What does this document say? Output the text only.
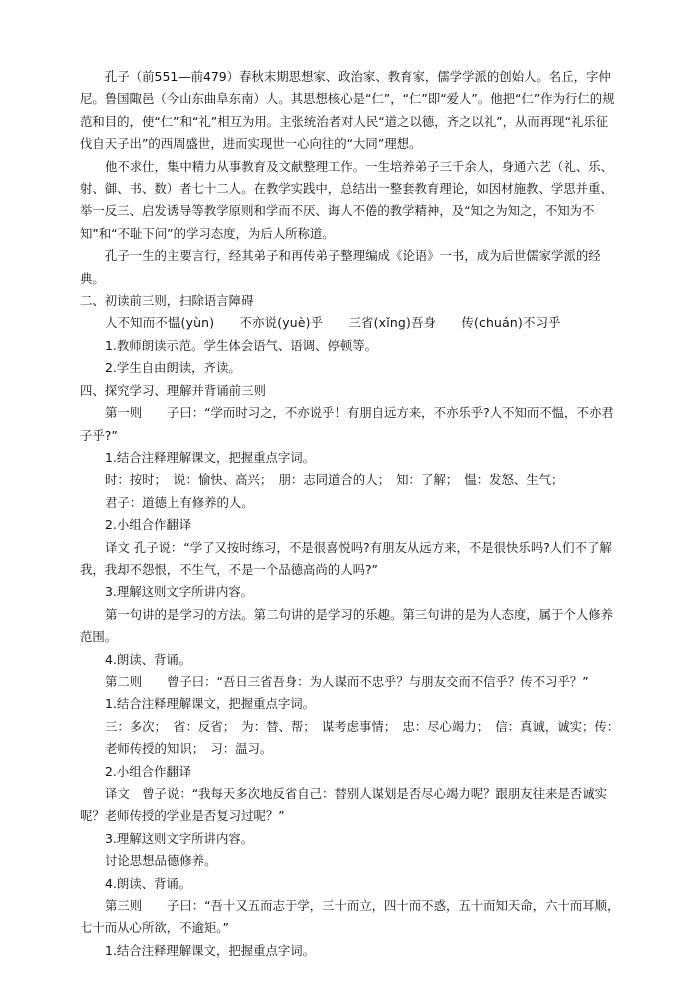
孔子（前551—前479）春秋末期思想家、政治家、教育家，儒学学派的创始人。名丘，字仲尼。鲁国陬邑（今山东曲阜东南）人。其思想核心是“仁”，“仁”即“爱人”。他把“仁”作为行仁的规范和目的，使“仁”和“礼”相互为用。主张统治者对人民“道之以德，齐之以礼”，从而再现“礼乐征伐自天子出”的西周盛世，进而实现世一心向往的“大同”理想。

他不求仕，集中精力从事教育及文献整理工作。一生培养弟子三千余人，身通六艺（礼、乐、射、御、书、数）者七十二人。在教学实践中，总结出一整套教育理论，如因材施教、学思并重、举一反三、启发诱导等教学原则和学而不厌、诲人不倦的教学精神，及“知之为知之，不知为不知”和“不耻下问”的学习态度，为后人所称道。

孔子一生的主要言行，经其弟子和再传弟子整理编成《论语》一书，成为后世儒家学派的经典。

二、初读前三则，扫除语言障碍

人不知而不愠(yùn)　　不亦说(yuè)乎　　三省(xǐng)吾身　　传(chuán)不习乎

1.教师朗读示范。学生体会语气、语调、停顿等。

2.学生自由朗读，齐读。

四、探究学习、理解并背诵前三则

第一则　　子曰：“学而时习之，不亦说乎！有朋自远方来，不亦乐乎?人不知而不愠，不亦君子乎?”

1.结合注释理解课文，把握重点字词。

时：按时；　说：愉快、高兴；　朋：志同道合的人；　知：了解；　愠：发怒、生气；

君子：道德上有修养的人。

2.小组合作翻译

译文 孔子说：“学了又按时练习，不是很喜悦吗?有朋友从远方来，不是很快乐吗?人们不了解我，我却不怨恨，不生气，不是一个品德高尚的人吗?”

3.理解这则文字所讲内容。

第一句讲的是学习的方法。第二句讲的是学习的乐趣。第三句讲的是为人态度，属于个人修养范围。

4.朗读、背诵。

第二则　　曾子曰：“吾日三省吾身：为人谋而不忠乎？与朋友交而不信乎？传不习乎？”

1.结合注释理解课文，把握重点字词。

三：多次；　省：反省；　为：替、帮；　谋考虑事情；　忠：尽心竭力；　信：真诚，诚实；传：老师传授的知识；　习：温习。

2.小组合作翻译

译文　曾子说：“我每天多次地反省自己：替别人谋划是否尽心竭力呢？跟朋友往来是否诚实呢？老师传授的学业是否复习过呢？”

3.理解这则文字所讲内容。

讨论思想品德修养。

4.朗读、背诵。

第三则　　子曰：“吾十又五而志于学，三十而立，四十而不惑，五十而知天命，六十而耳顺，七十而从心所欲，不逾矩。”

1.结合注释理解课文，把握重点字词。
